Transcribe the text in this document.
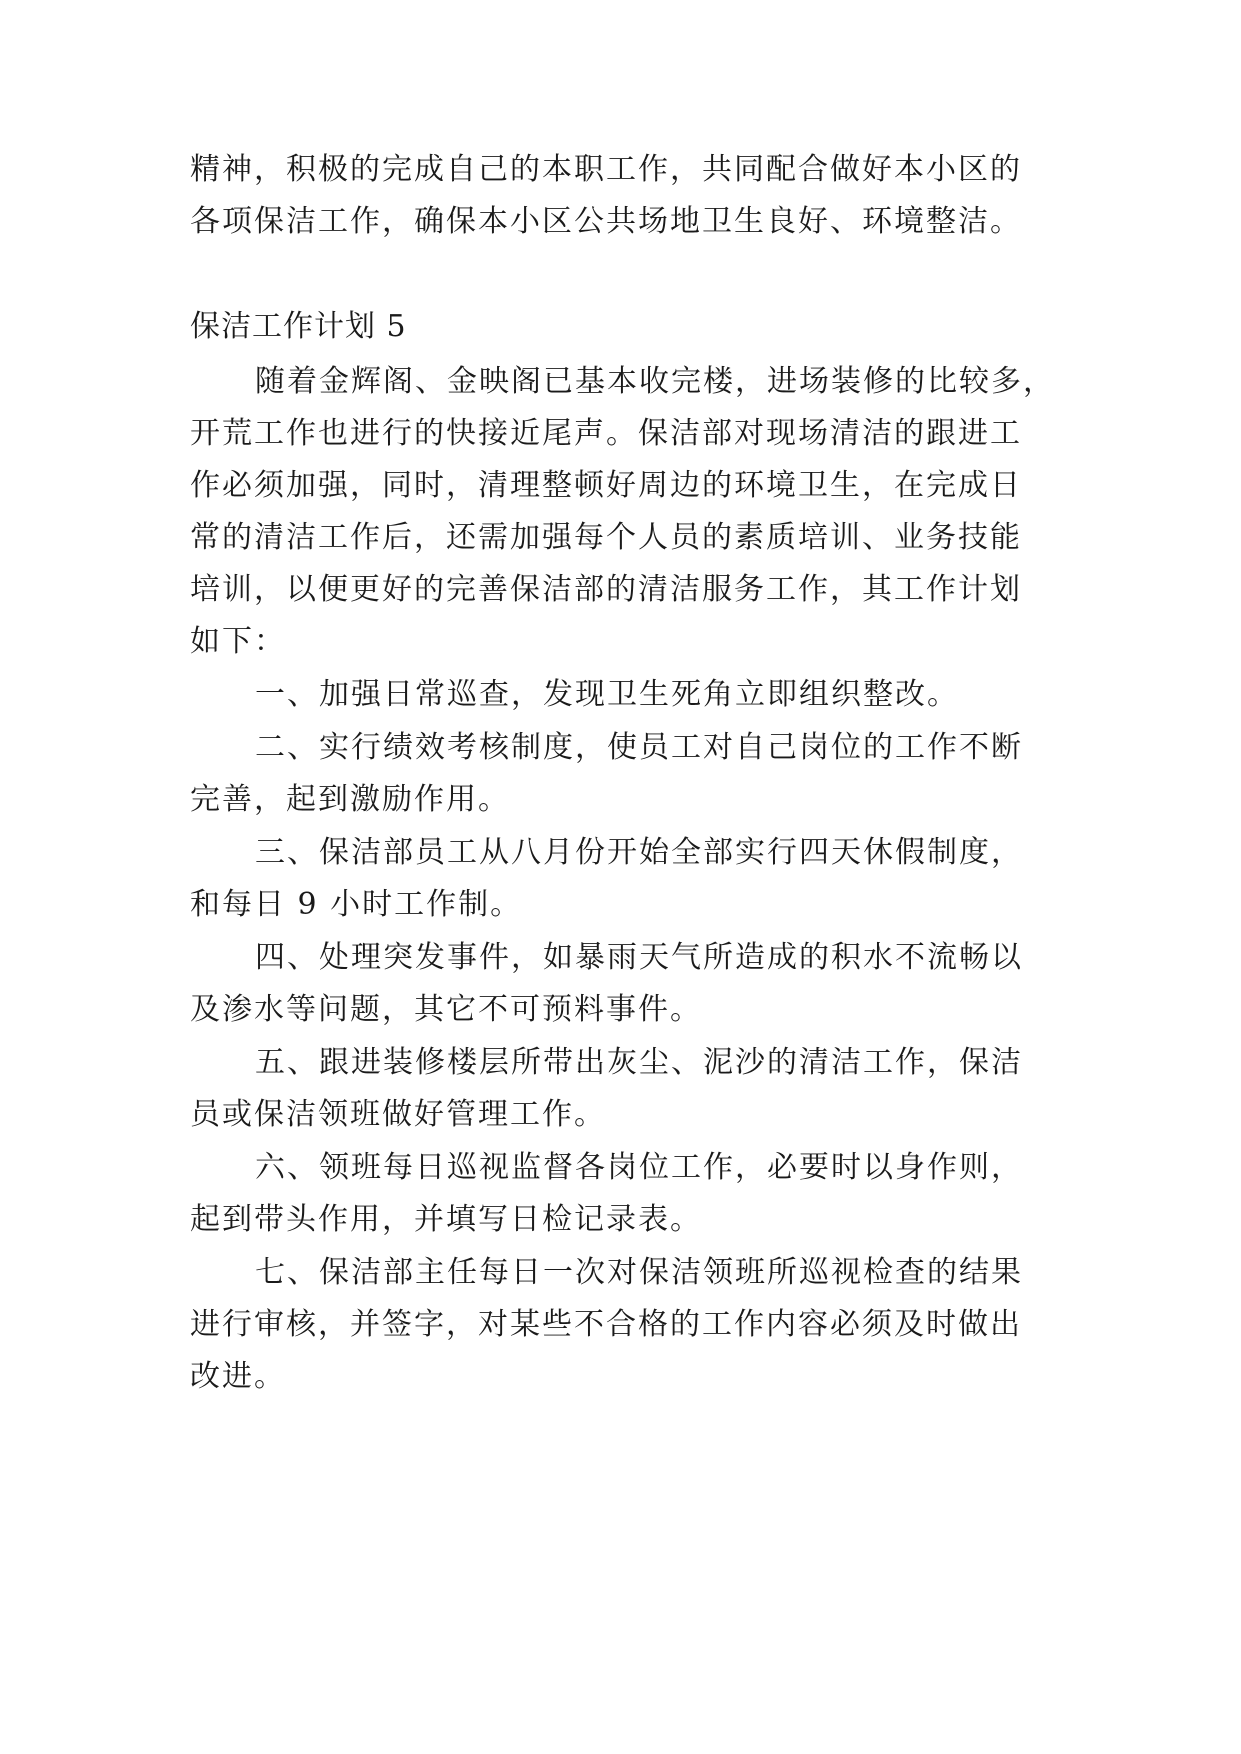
精神，积极的完成自己的本职工作，共同配合做好本小区的
各项保洁工作，确保本小区公共场地卫生良好、环境整洁。
保洁工作计划 5
随着金辉阁、金映阁已基本收完楼，进场装修的比较多，
开荒工作也进行的快接近尾声。保洁部对现场清洁的跟进工
作必须加强，同时，清理整顿好周边的环境卫生，在完成日
常的清洁工作后，还需加强每个人员的素质培训、业务技能
培训，以便更好的完善保洁部的清洁服务工作，其工作计划
如下：
一、加强日常巡查，发现卫生死角立即组织整改。
二、实行绩效考核制度，使员工对自己岗位的工作不断
完善，起到激励作用。
三、保洁部员工从八月份开始全部实行四天休假制度，
和每日 9 小时工作制。
四、处理突发事件，如暴雨天气所造成的积水不流畅以
及渗水等问题，其它不可预料事件。
五、跟进装修楼层所带出灰尘、泥沙的清洁工作，保洁
员或保洁领班做好管理工作。
六、领班每日巡视监督各岗位工作，必要时以身作则，
起到带头作用，并填写日检记录表。
七、保洁部主任每日一次对保洁领班所巡视检查的结果
进行审核，并签字，对某些不合格的工作内容必须及时做出
改进。
